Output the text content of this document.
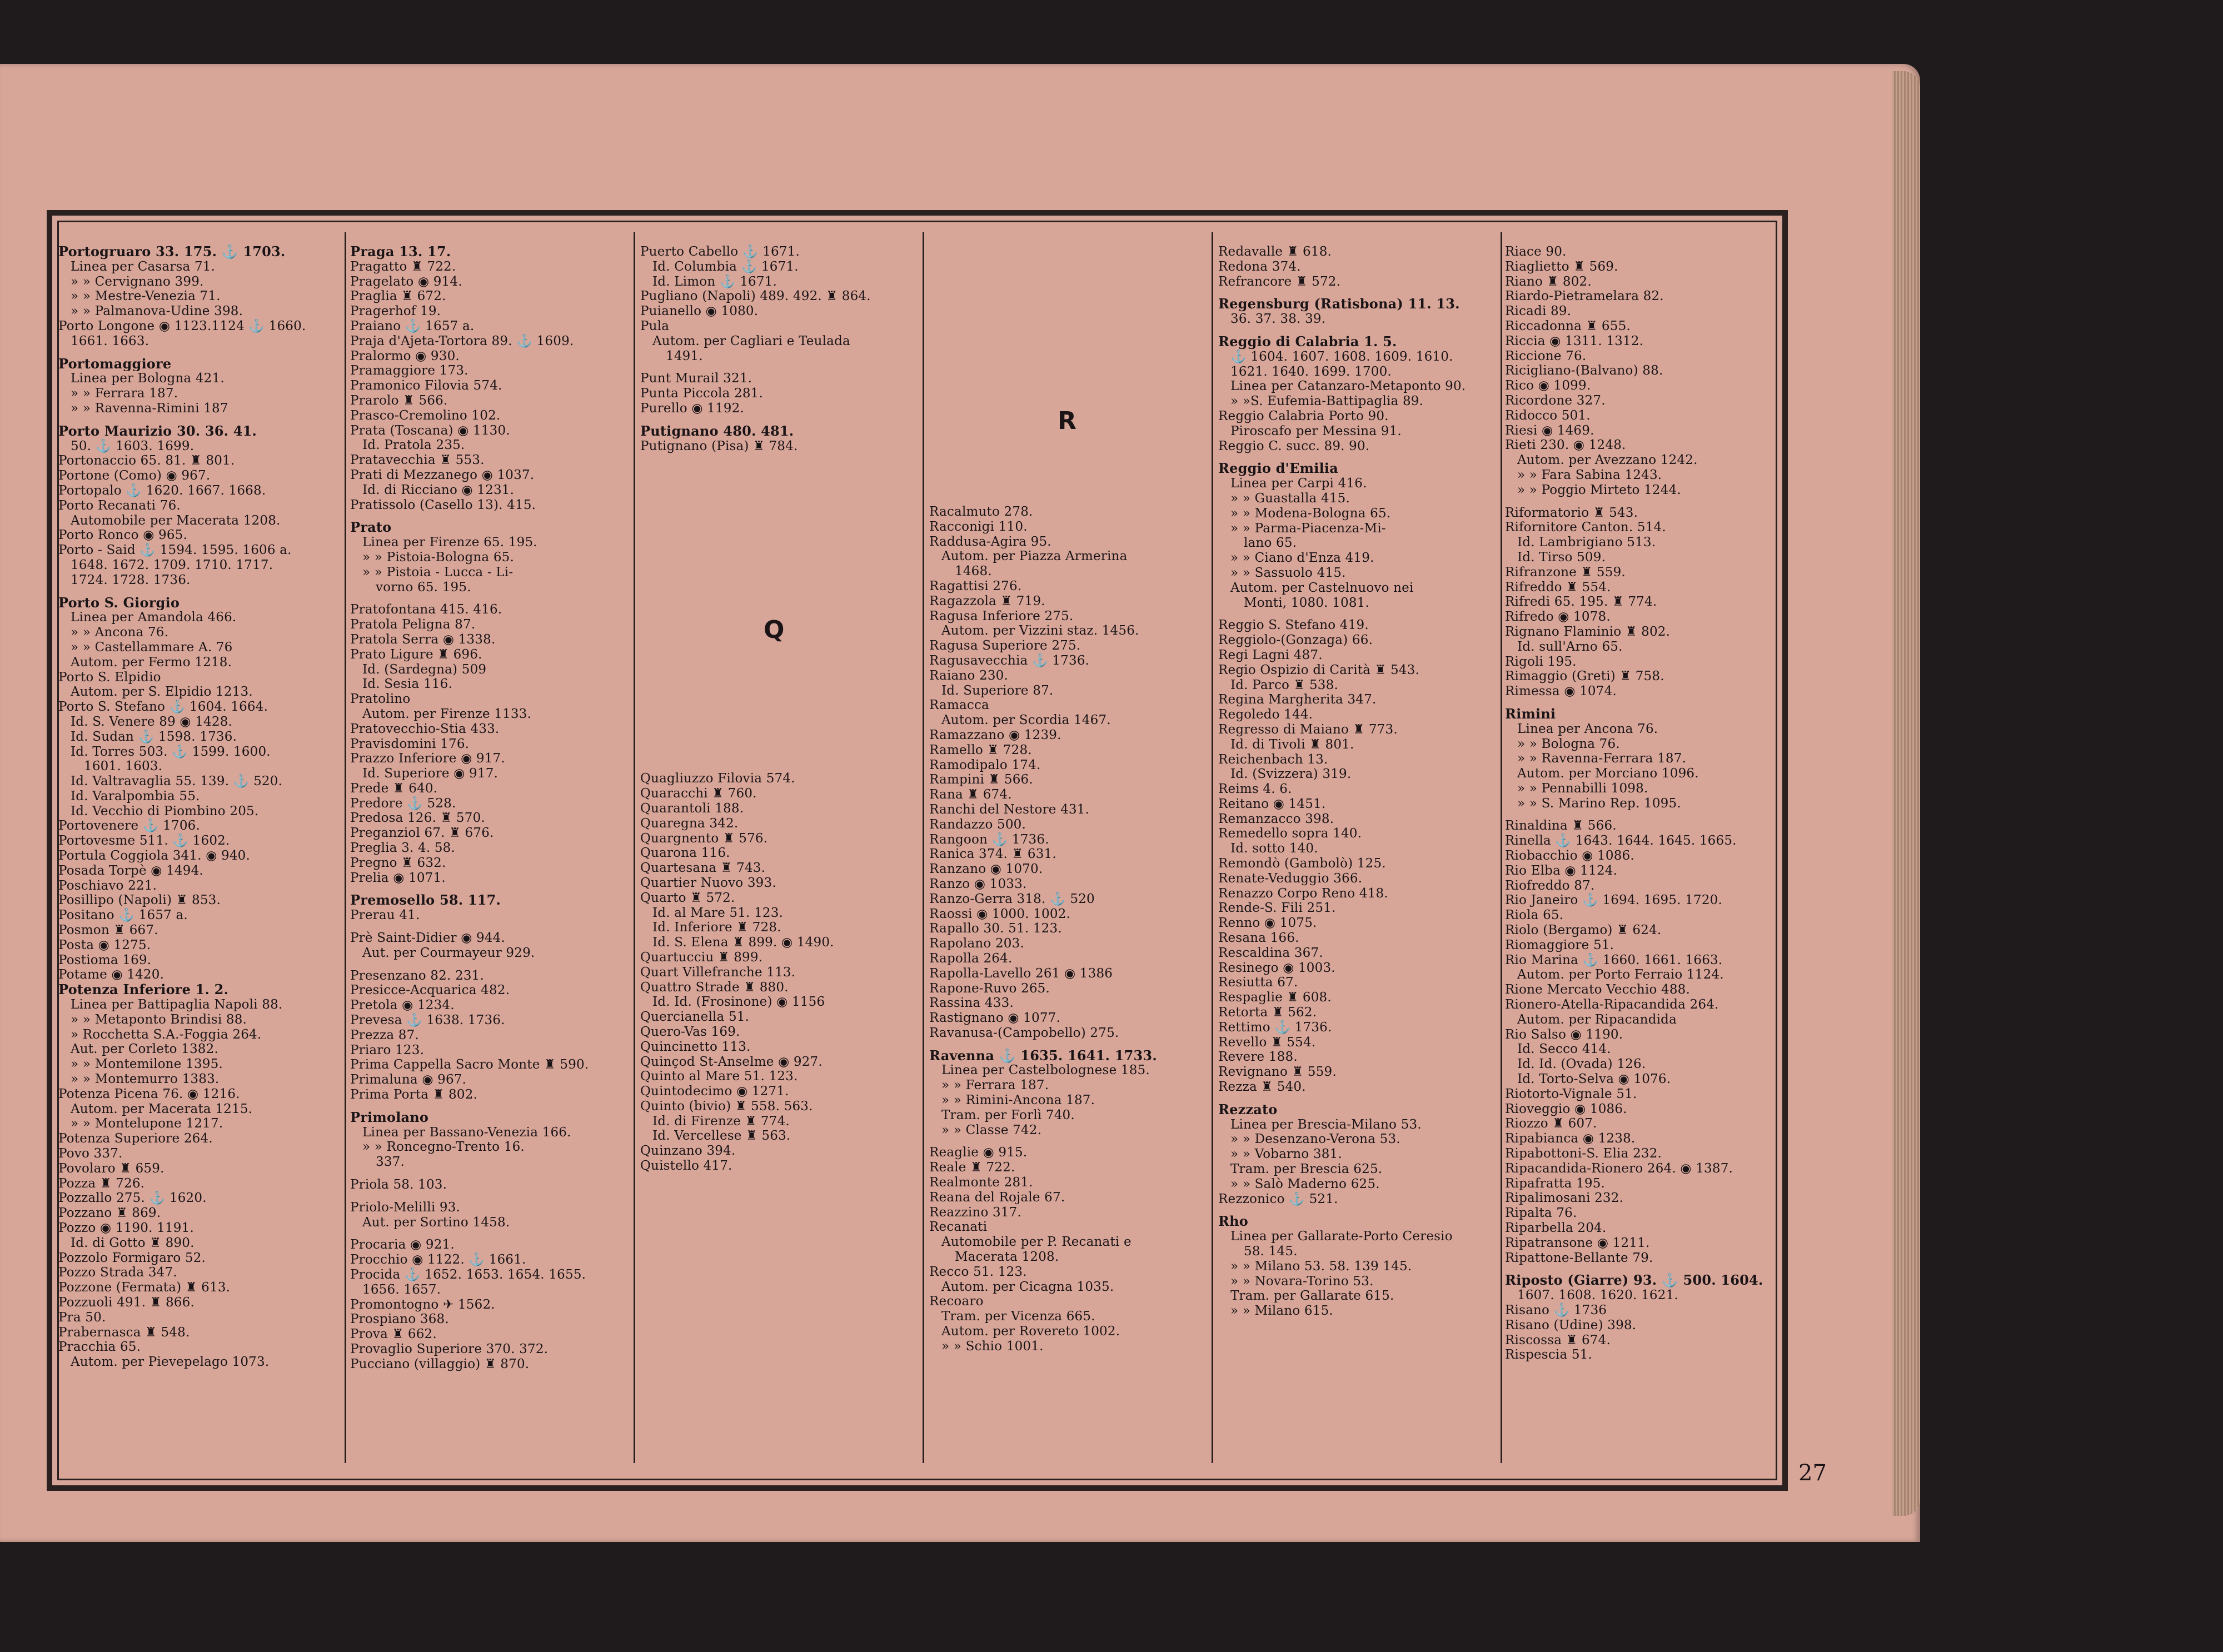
Portogruaro 33. 175. ⚓ 1703.
Linea per Casarsa 71.
» » Cervignano 399.
» » Mestre-Venezia 71.
» » Palmanova-Udine 398.
Porto Longone ◉ 1123.1124 ⚓ 1660.
1661. 1663.
Portomaggiore
Linea per Bologna 421.
» » Ferrara 187.
» » Ravenna-Rimini 187
Porto Maurizio 30. 36. 41.
50. ⚓ 1603. 1699.
Portonaccio 65. 81. ♜ 801.
Portone (Como) ◉ 967.
Portopalo ⚓ 1620. 1667. 1668.
Porto Recanati 76.
Automobile per Macerata 1208.
Porto Ronco ◉ 965.
Porto - Said ⚓ 1594. 1595. 1606 a.
1648. 1672. 1709. 1710. 1717.
1724. 1728. 1736.
Porto S. Giorgio
Linea per Amandola 466.
» » Ancona 76.
» » Castellammare A. 76
Autom. per Fermo 1218.
Porto S. Elpidio
Autom. per S. Elpidio 1213.
Porto S. Stefano ⚓ 1604. 1664.
Id. S. Venere 89 ◉ 1428.
Id. Sudan ⚓ 1598. 1736.
Id. Torres 503. ⚓ 1599. 1600.
1601. 1603.
Id. Valtravaglia 55. 139. ⚓ 520.
Id. Varalpombia 55.
Id. Vecchio di Piombino 205.
Portovenere ⚓ 1706.
Portovesme 511. ⚓ 1602.
Portula Coggiola 341. ◉ 940.
Posada Torpè ◉ 1494.
Poschiavo 221.
Posillipo (Napoli) ♜ 853.
Positano ⚓ 1657 a.
Posmon ♜ 667.
Posta ◉ 1275.
Postioma 169.
Potame ◉ 1420.
Potenza Inferiore 1. 2.
Linea per Battipaglia Napoli 88.
» » Metaponto Brindisi 88.
» Rocchetta S.A.-Foggia 264.
Aut. per Corleto 1382.
» » Montemilone 1395.
» » Montemurro 1383.
Potenza Picena 76. ◉ 1216.
Autom. per Macerata 1215.
» » Montelupone 1217.
Potenza Superiore 264.
Povo 337.
Povolaro ♜ 659.
Pozza ♜ 726.
Pozzallo 275. ⚓ 1620.
Pozzano ♜ 869.
Pozzo ◉ 1190. 1191.
Id. di Gotto ♜ 890.
Pozzolo Formigaro 52.
Pozzo Strada 347.
Pozzone (Fermata) ♜ 613.
Pozzuoli 491. ♜ 866.
Pra 50.
Prabernasca ♜ 548.
Pracchia 65.
Autom. per Pievepelago 1073.
Praga 13. 17.
Pragatto ♜ 722.
Pragelato ◉ 914.
Praglia ♜ 672.
Pragerhof 19.
Praiano ⚓ 1657 a.
Praja d'Ajeta-Tortora 89. ⚓ 1609.
Pralormo ◉ 930.
Pramaggiore 173.
Pramonico Filovia 574.
Prarolo ♜ 566.
Prasco-Cremolino 102.
Prata (Toscana) ◉ 1130.
Id. Pratola 235.
Pratavecchia ♜ 553.
Prati di Mezzanego ◉ 1037.
Id. di Ricciano ◉ 1231.
Pratissolo (Casello 13). 415.
Prato
Linea per Firenze 65. 195.
» » Pistoia-Bologna 65.
» » Pistoia - Lucca - Li-
vorno 65. 195.
Pratofontana 415. 416.
Pratola Peligna 87.
Pratola Serra ◉ 1338.
Prato Ligure ♜ 696.
Id. (Sardegna) 509
Id. Sesia 116.
Pratolino
Autom. per Firenze 1133.
Pratovecchio-Stia 433.
Pravisdomini 176.
Prazzo Inferiore ◉ 917.
Id. Superiore ◉ 917.
Prede ♜ 640.
Predore ⚓ 528.
Predosa 126. ♜ 570.
Preganziol 67. ♜ 676.
Preglia 3. 4. 58.
Pregno ♜ 632.
Prelia ◉ 1071.
Premosello 58. 117.
Prerau 41.
Prè Saint-Didier ◉ 944.
Aut. per Courmayeur 929.
Presenzano 82. 231.
Presicce-Acquarica 482.
Pretola ◉ 1234.
Prevesa ⚓ 1638. 1736.
Prezza 87.
Priaro 123.
Prima Cappella Sacro Monte ♜ 590.
Primaluna ◉ 967.
Prima Porta ♜ 802.
Primolano
Linea per Bassano-Venezia 166.
» » Roncegno-Trento 16.
337.
Priola 58. 103.
Priolo-Melilli 93.
Aut. per Sortino 1458.
Procaria ◉ 921.
Procchio ◉ 1122. ⚓ 1661.
Procida ⚓ 1652. 1653. 1654. 1655.
1656. 1657.
Promontogno ✈ 1562.
Prospiano 368.
Prova ♜ 662.
Provaglio Superiore 370. 372.
Pucciano (villaggio) ♜ 870.
Puerto Cabello ⚓ 1671.
Id. Columbia ⚓ 1671.
Id. Limon ⚓ 1671.
Pugliano (Napoli) 489. 492. ♜ 864.
Puianello ◉ 1080.
Pula
Autom. per Cagliari e Teulada
1491.
Punt Murail 321.
Punta Piccola 281.
Purello ◉ 1192.
Putignano 480. 481.
Putignano (Pisa) ♜ 784.
Quagliuzzo Filovia 574.
Quaracchi ♜ 760.
Quarantoli 188.
Quaregna 342.
Quargnento ♜ 576.
Quarona 116.
Quartesana ♜ 743.
Quartier Nuovo 393.
Quarto ♜ 572.
Id. al Mare 51. 123.
Id. Inferiore ♜ 728.
Id. S. Elena ♜ 899. ◉ 1490.
Quartucciu ♜ 899.
Quart Villefranche 113.
Quattro Strade ♜ 880.
Id. Id. (Frosinone) ◉ 1156
Quercianella 51.
Quero-Vas 169.
Quincinetto 113.
Quinçod St-Anselme ◉ 927.
Quinto al Mare 51. 123.
Quintodecimo ◉ 1271.
Quinto (bivio) ♜ 558. 563.
Id. di Firenze ♜ 774.
Id. Vercellese ♜ 563.
Quinzano 394.
Quistello 417.
Racalmuto 278.
Racconigi 110.
Raddusa-Agira 95.
Autom. per Piazza Armerina
1468.
Ragattisi 276.
Ragazzola ♜ 719.
Ragusa Inferiore 275.
Autom. per Vizzini staz. 1456.
Ragusa Superiore 275.
Ragusavecchia ⚓ 1736.
Raiano 230.
Id. Superiore 87.
Ramacca
Autom. per Scordia 1467.
Ramazzano ◉ 1239.
Ramello ♜ 728.
Ramodipalo 174.
Rampini ♜ 566.
Rana ♜ 674.
Ranchi del Nestore 431.
Randazzo 500.
Rangoon ⚓ 1736.
Ranica 374. ♜ 631.
Ranzano ◉ 1070.
Ranzo ◉ 1033.
Ranzo-Gerra 318. ⚓ 520
Raossi ◉ 1000. 1002.
Rapallo 30. 51. 123.
Rapolano 203.
Rapolla 264.
Rapolla-Lavello 261 ◉ 1386
Rapone-Ruvo 265.
Rassina 433.
Rastignano ◉ 1077.
Ravanusa-(Campobello) 275.
Ravenna ⚓ 1635. 1641. 1733.
Linea per Castelbolognese 185.
» » Ferrara 187.
» » Rimini-Ancona 187.
Tram. per Forlì 740.
» » Classe 742.
Reaglie ◉ 915.
Reale ♜ 722.
Realmonte 281.
Reana del Rojale 67.
Reazzino 317.
Recanati
Automobile per P. Recanati e
Macerata 1208.
Recco 51. 123.
Autom. per Cicagna 1035.
Recoaro
Tram. per Vicenza 665.
Autom. per Rovereto 1002.
» » Schio 1001.
Redavalle ♜ 618.
Redona 374.
Refrancore ♜ 572.
Regensburg (Ratisbona) 11. 13.
36. 37. 38. 39.
Reggio di Calabria 1. 5.
⚓ 1604. 1607. 1608. 1609. 1610.
1621. 1640. 1699. 1700.
Linea per Catanzaro-Metaponto 90.
» »S. Eufemia-Battipaglia 89.
Reggio Calabria Porto 90.
Piroscafo per Messina 91.
Reggio C. succ. 89. 90.
Reggio d'Emilia
Linea per Carpi 416.
» » Guastalla 415.
» » Modena-Bologna 65.
» » Parma-Piacenza-Mi-
lano 65.
» » Ciano d'Enza 419.
» » Sassuolo 415.
Autom. per Castelnuovo nei
Monti, 1080. 1081.
Reggio S. Stefano 419.
Reggiolo-(Gonzaga) 66.
Regi Lagni 487.
Regio Ospizio di Carità ♜ 543.
Id. Parco ♜ 538.
Regina Margherita 347.
Regoledo 144.
Regresso di Maiano ♜ 773.
Id. di Tivoli ♜ 801.
Reichenbach 13.
Id. (Svizzera) 319.
Reims 4. 6.
Reitano ◉ 1451.
Remanzacco 398.
Remedello sopra 140.
Id. sotto 140.
Remondò (Gambolò) 125.
Renate-Veduggio 366.
Renazzo Corpo Reno 418.
Rende-S. Fili 251.
Renno ◉ 1075.
Resana 166.
Rescaldina 367.
Resinego ◉ 1003.
Resiutta 67.
Respaglie ♜ 608.
Retorta ♜ 562.
Rettimo ⚓ 1736.
Revello ♜ 554.
Revere 188.
Revignano ♜ 559.
Rezza ♜ 540.
Rezzato
Linea per Brescia-Milano 53.
» » Desenzano-Verona 53.
» » Vobarno 381.
Tram. per Brescia 625.
» » Salò Maderno 625.
Rezzonico ⚓ 521.
Rho
Linea per Gallarate-Porto Ceresio
58. 145.
» » Milano 53. 58. 139 145.
» » Novara-Torino 53.
Tram. per Gallarate 615.
» » Milano 615.
Riace 90.
Riaglietto ♜ 569.
Riano ♜ 802.
Riardo-Pietramelara 82.
Ricadi 89.
Riccadonna ♜ 655.
Riccia ◉ 1311. 1312.
Riccione 76.
Ricigliano-(Balvano) 88.
Rico ◉ 1099.
Ricordone 327.
Ridocco 501.
Riesi ◉ 1469.
Rieti 230. ◉ 1248.
Autom. per Avezzano 1242.
» » Fara Sabina 1243.
» » Poggio Mirteto 1244.
Riformatorio ♜ 543.
Rifornitore Canton. 514.
Id. Lambrigiano 513.
Id. Tirso 509.
Rifranzone ♜ 559.
Rifreddo ♜ 554.
Rifredi 65. 195. ♜ 774.
Rifredo ◉ 1078.
Rignano Flaminio ♜ 802.
Id. sull'Arno 65.
Rigoli 195.
Rimaggio (Greti) ♜ 758.
Rimessa ◉ 1074.
Rimini
Linea per Ancona 76.
» » Bologna 76.
» » Ravenna-Ferrara 187.
Autom. per Morciano 1096.
» » Pennabilli 1098.
» » S. Marino Rep. 1095.
Rinaldina ♜ 566.
Rinella ⚓ 1643. 1644. 1645. 1665.
Riobacchio ◉ 1086.
Rio Elba ◉ 1124.
Riofreddo 87.
Rio Janeiro ⚓ 1694. 1695. 1720.
Riola 65.
Riolo (Bergamo) ♜ 624.
Riomaggiore 51.
Rio Marina ⚓ 1660. 1661. 1663.
Autom. per Porto Ferraio 1124.
Rione Mercato Vecchio 488.
Rionero-Atella-Ripacandida 264.
Autom. per Ripacandida
Rio Salso ◉ 1190.
Id. Secco 414.
Id. Id. (Ovada) 126.
Id. Torto-Selva ◉ 1076.
Riotorto-Vignale 51.
Rioveggio ◉ 1086.
Riozzo ♜ 607.
Ripabianca ◉ 1238.
Ripabottoni-S. Elia 232.
Ripacandida-Rionero 264. ◉ 1387.
Ripafratta 195.
Ripalimosani 232.
Ripalta 76.
Riparbella 204.
Ripatransone ◉ 1211.
Ripattone-Bellante 79.
Riposto (Giarre) 93. ⚓ 500. 1604.
1607. 1608. 1620. 1621.
Risano ⚓ 1736
Risano (Udine) 398.
Riscossa ♜ 674.
Rispescia 51.
Q
R
27
